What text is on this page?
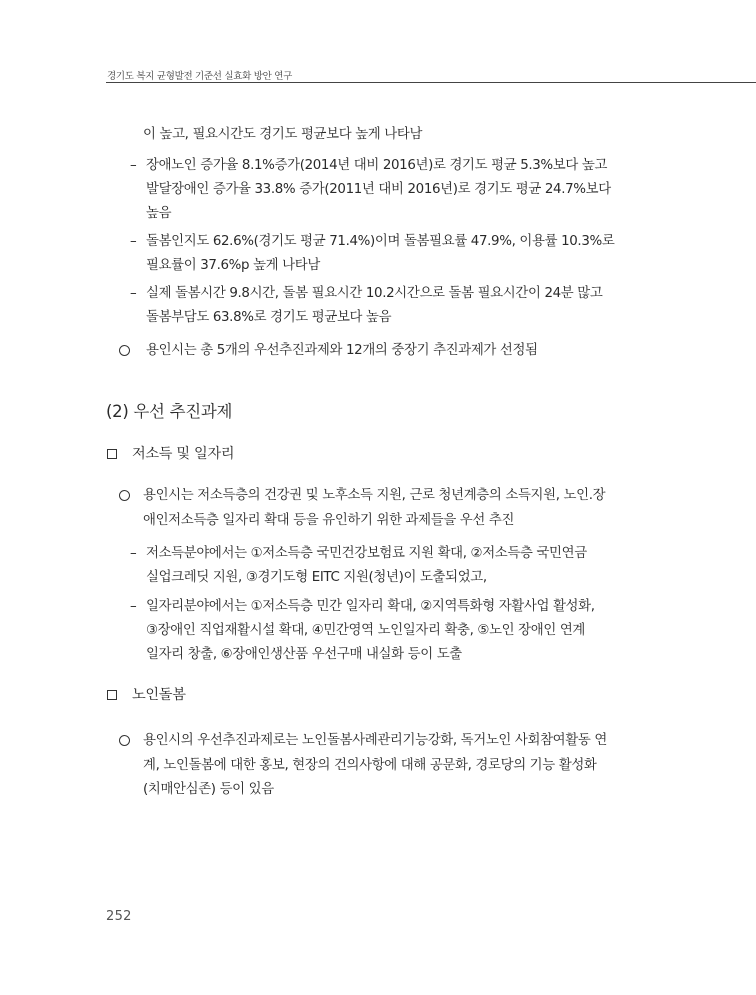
경기도 복지 균형발전 기준선 실효화 방안 연구
이 높고, 필요시간도 경기도 평균보다 높게 나타남
– 장애노인 증가율 8.1%증가(2014년 대비 2016년)로 경기도 평균 5.3%보다 높고
발달장애인 증가율 33.8% 증가(2011년 대비 2016년)로 경기도 평균 24.7%보다
높음
– 돌봄인지도 62.6%(경기도 평균 71.4%)이며 돌봄필요률 47.9%, 이용률 10.3%로
필요률이 37.6%p 높게 나타남
– 실제 돌봄시간 9.8시간, 돌봄 필요시간 10.2시간으로 돌봄 필요시간이 24분 많고
돌봄부담도 63.8%로 경기도 평균보다 높음
용인시는 총 5개의 우선추진과제와 12개의 중장기 추진과제가 선정됨
(2) 우선 추진과제
저소득 및 일자리
용인시는 저소득층의 건강권 및 노후소득 지원, 근로 청년계층의 소득지원, 노인.장
애인저소득층 일자리 확대 등을 유인하기 위한 과제들을 우선 추진
– 저소득분야에서는 ①저소득층 국민건강보험료 지원 확대, ②저소득층 국민연금
실업크레딧 지원, ③경기도형 EITC 지원(청년)이 도출되었고,
– 일자리분야에서는 ①저소득층 민간 일자리 확대, ②지역특화형 자활사업 활성화,
③장애인 직업재활시설 확대, ④민간영역 노인일자리 확충, ⑤노인 장애인 연계
일자리 창출, ⑥장애인생산품 우선구매 내실화 등이 도출
노인돌봄
용인시의 우선추진과제로는 노인돌봄사례관리기능강화, 독거노인 사회참여활동 연
계, 노인돌봄에 대한 홍보, 현장의 건의사항에 대해 공문화, 경로당의 기능 활성화
(치매안심존) 등이 있음
252
